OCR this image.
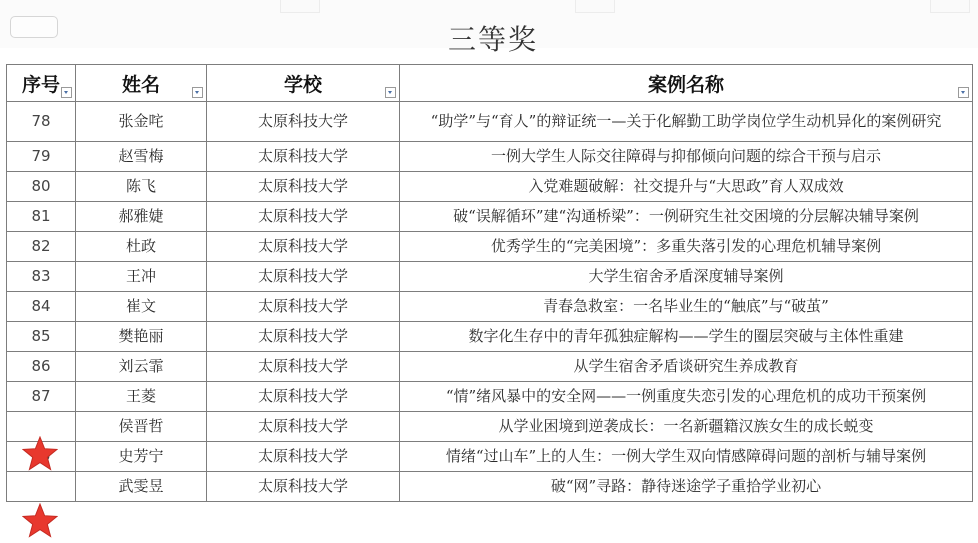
三等奖
序号	姓名	学校	案例名称

78	张金咤	太原科技大学	“助学”与“育人”的辩证统一—关于化解勤工助学岗位学生动机异化的案例研究
79	赵雪梅	太原科技大学	一例大学生人际交往障碍与抑郁倾向问题的综合干预与启示
80	陈飞	太原科技大学	入党难题破解：社交提升与“大思政”育人双成效
81	郝雅婕	太原科技大学	破“误解循环”建“沟通桥梁”：一例研究生社交困境的分层解决辅导案例
82	杜政	太原科技大学	优秀学生的“完美困境”：多重失落引发的心理危机辅导案例
83	王冲	太原科技大学	大学生宿舍矛盾深度辅导案例
84	崔文	太原科技大学	青春急救室：一名毕业生的“触底”与“破茧”
85	樊艳丽	太原科技大学	数字化生存中的青年孤独症解构——学生的圈层突破与主体性重建
86	刘云霏	太原科技大学	从学生宿舍矛盾谈研究生养成教育
87	王菱	太原科技大学	“情”绪风暴中的安全网——一例重度失恋引发的心理危机的成功干预案例
	侯晋哲	太原科技大学	从学业困境到逆袭成长：一名新疆籍汉族女生的成长蜕变
	史芳宁	太原科技大学	情绪“过山车”上的人生：一例大学生双向情感障碍问题的剖析与辅导案例
	武雯昱	太原科技大学	破“网”寻路：静待迷途学子重拾学业初心
